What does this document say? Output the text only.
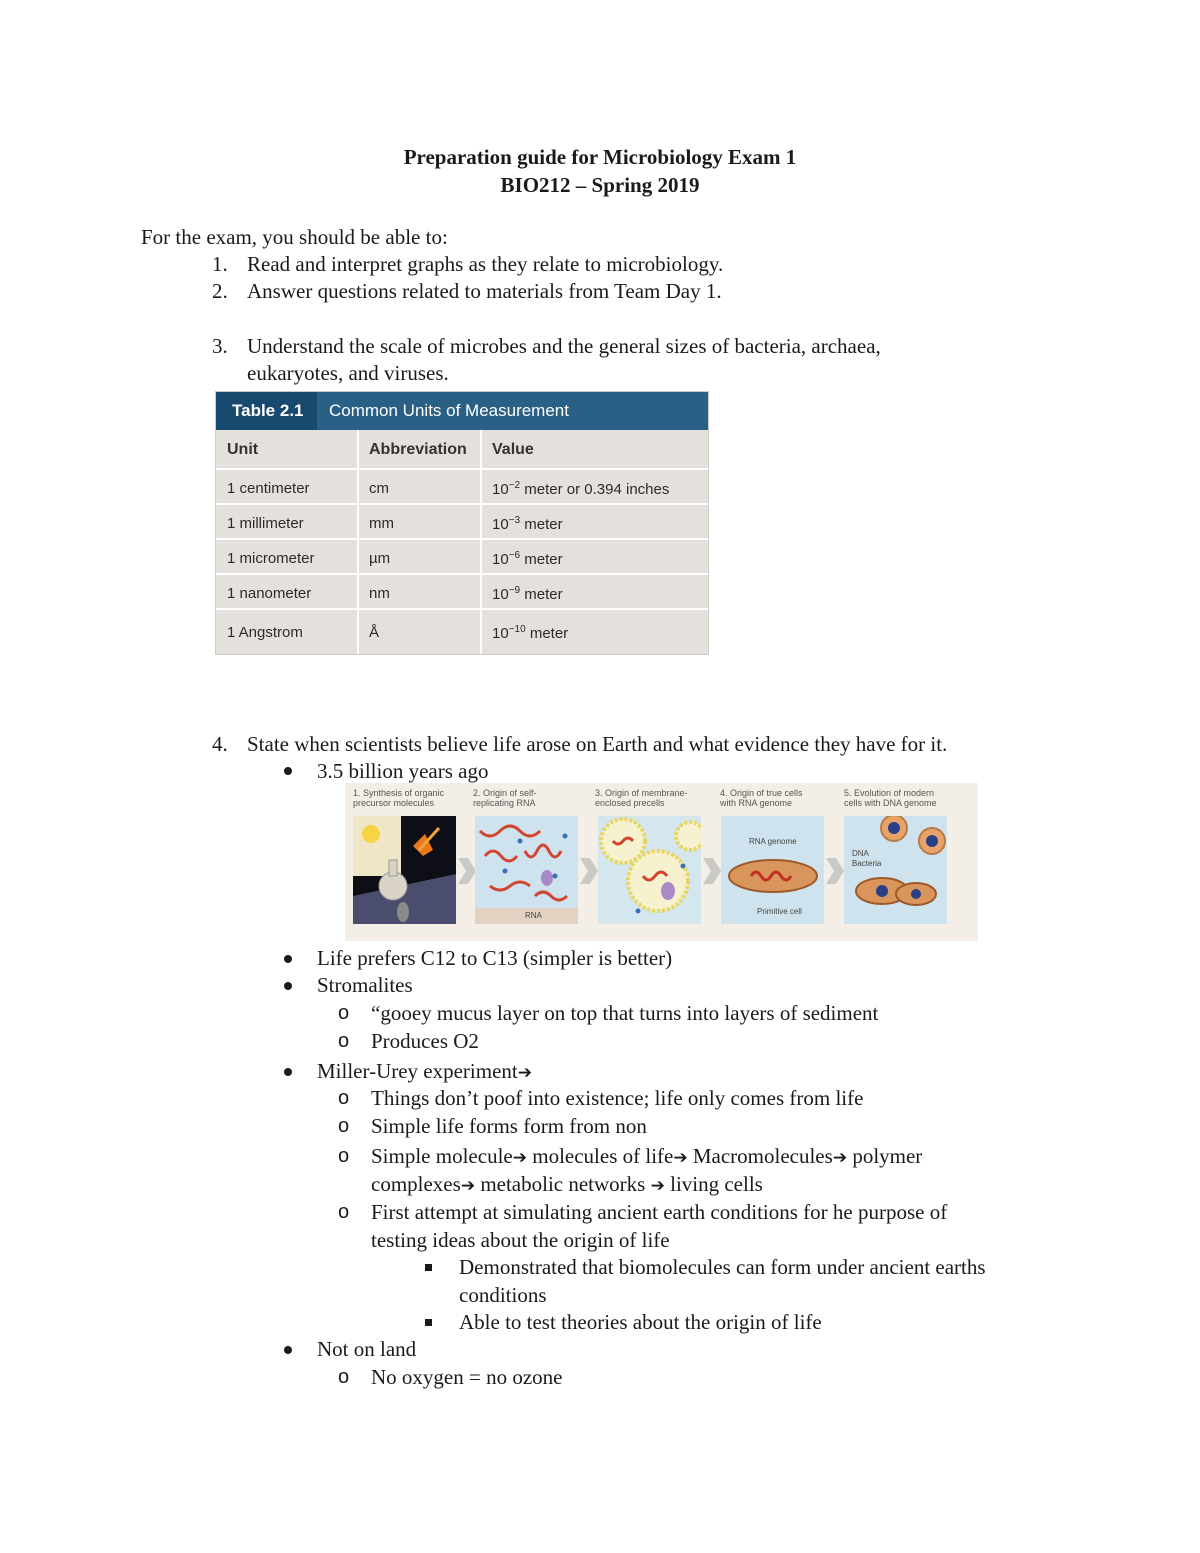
Preparation guide for Microbiology Exam 1
BIO212 – Spring 2019
For the exam, you should be able to:
1. Read and interpret graphs as they relate to microbiology.
2. Answer questions related to materials from Team Day 1.
3. Understand the scale of microbes and the general sizes of bacteria, archaea,
eukaryotes, and viruses.
Table 2.1	Common Units of Measurement
Unit	Abbreviation Value
1 centimeter	cm	$10^{-2}$ meter or 0.394 inches
1 millimeter	mm	$10^{-3}$ meter
1 micrometer	µm	$10^{-6}$ meter
1 nanometer	nm	$10^{-9}$ meter
1 Angstrom	Å	$10^{-10}$ meter
4. State when scientists believe life arose on Earth and what evidence they have for it.
3.5 billion years ago
1. Synthesis of organic
precursor molecules
2. Origin of self-
replicating RNA
3. Origin of membrane-
enclosed precells
4. Origin of true cells
with RNA genome
5. Evolution of modern
cells with DNA genome
RNA
RNA genome
Primitive cell
DNA
Bacteria
Life prefers C12 to C13 (simpler is better)
Stromalites
o “gooey mucus layer on top that turns into layers of sediment
o Produces O2
Miller-Urey experiment➔
o Things don’t poof into existence; life only comes from life
o Simple life forms form from non
o Simple molecule➔ molecules of life➔ Macromolecules➔ polymer
complexes➔ metabolic networks ➔ living cells
o First attempt at simulating ancient earth conditions for he purpose of
testing ideas about the origin of life
Demonstrated that biomolecules can form under ancient earths
conditions
Able to test theories about the origin of life
Not on land
o No oxygen = no ozone
